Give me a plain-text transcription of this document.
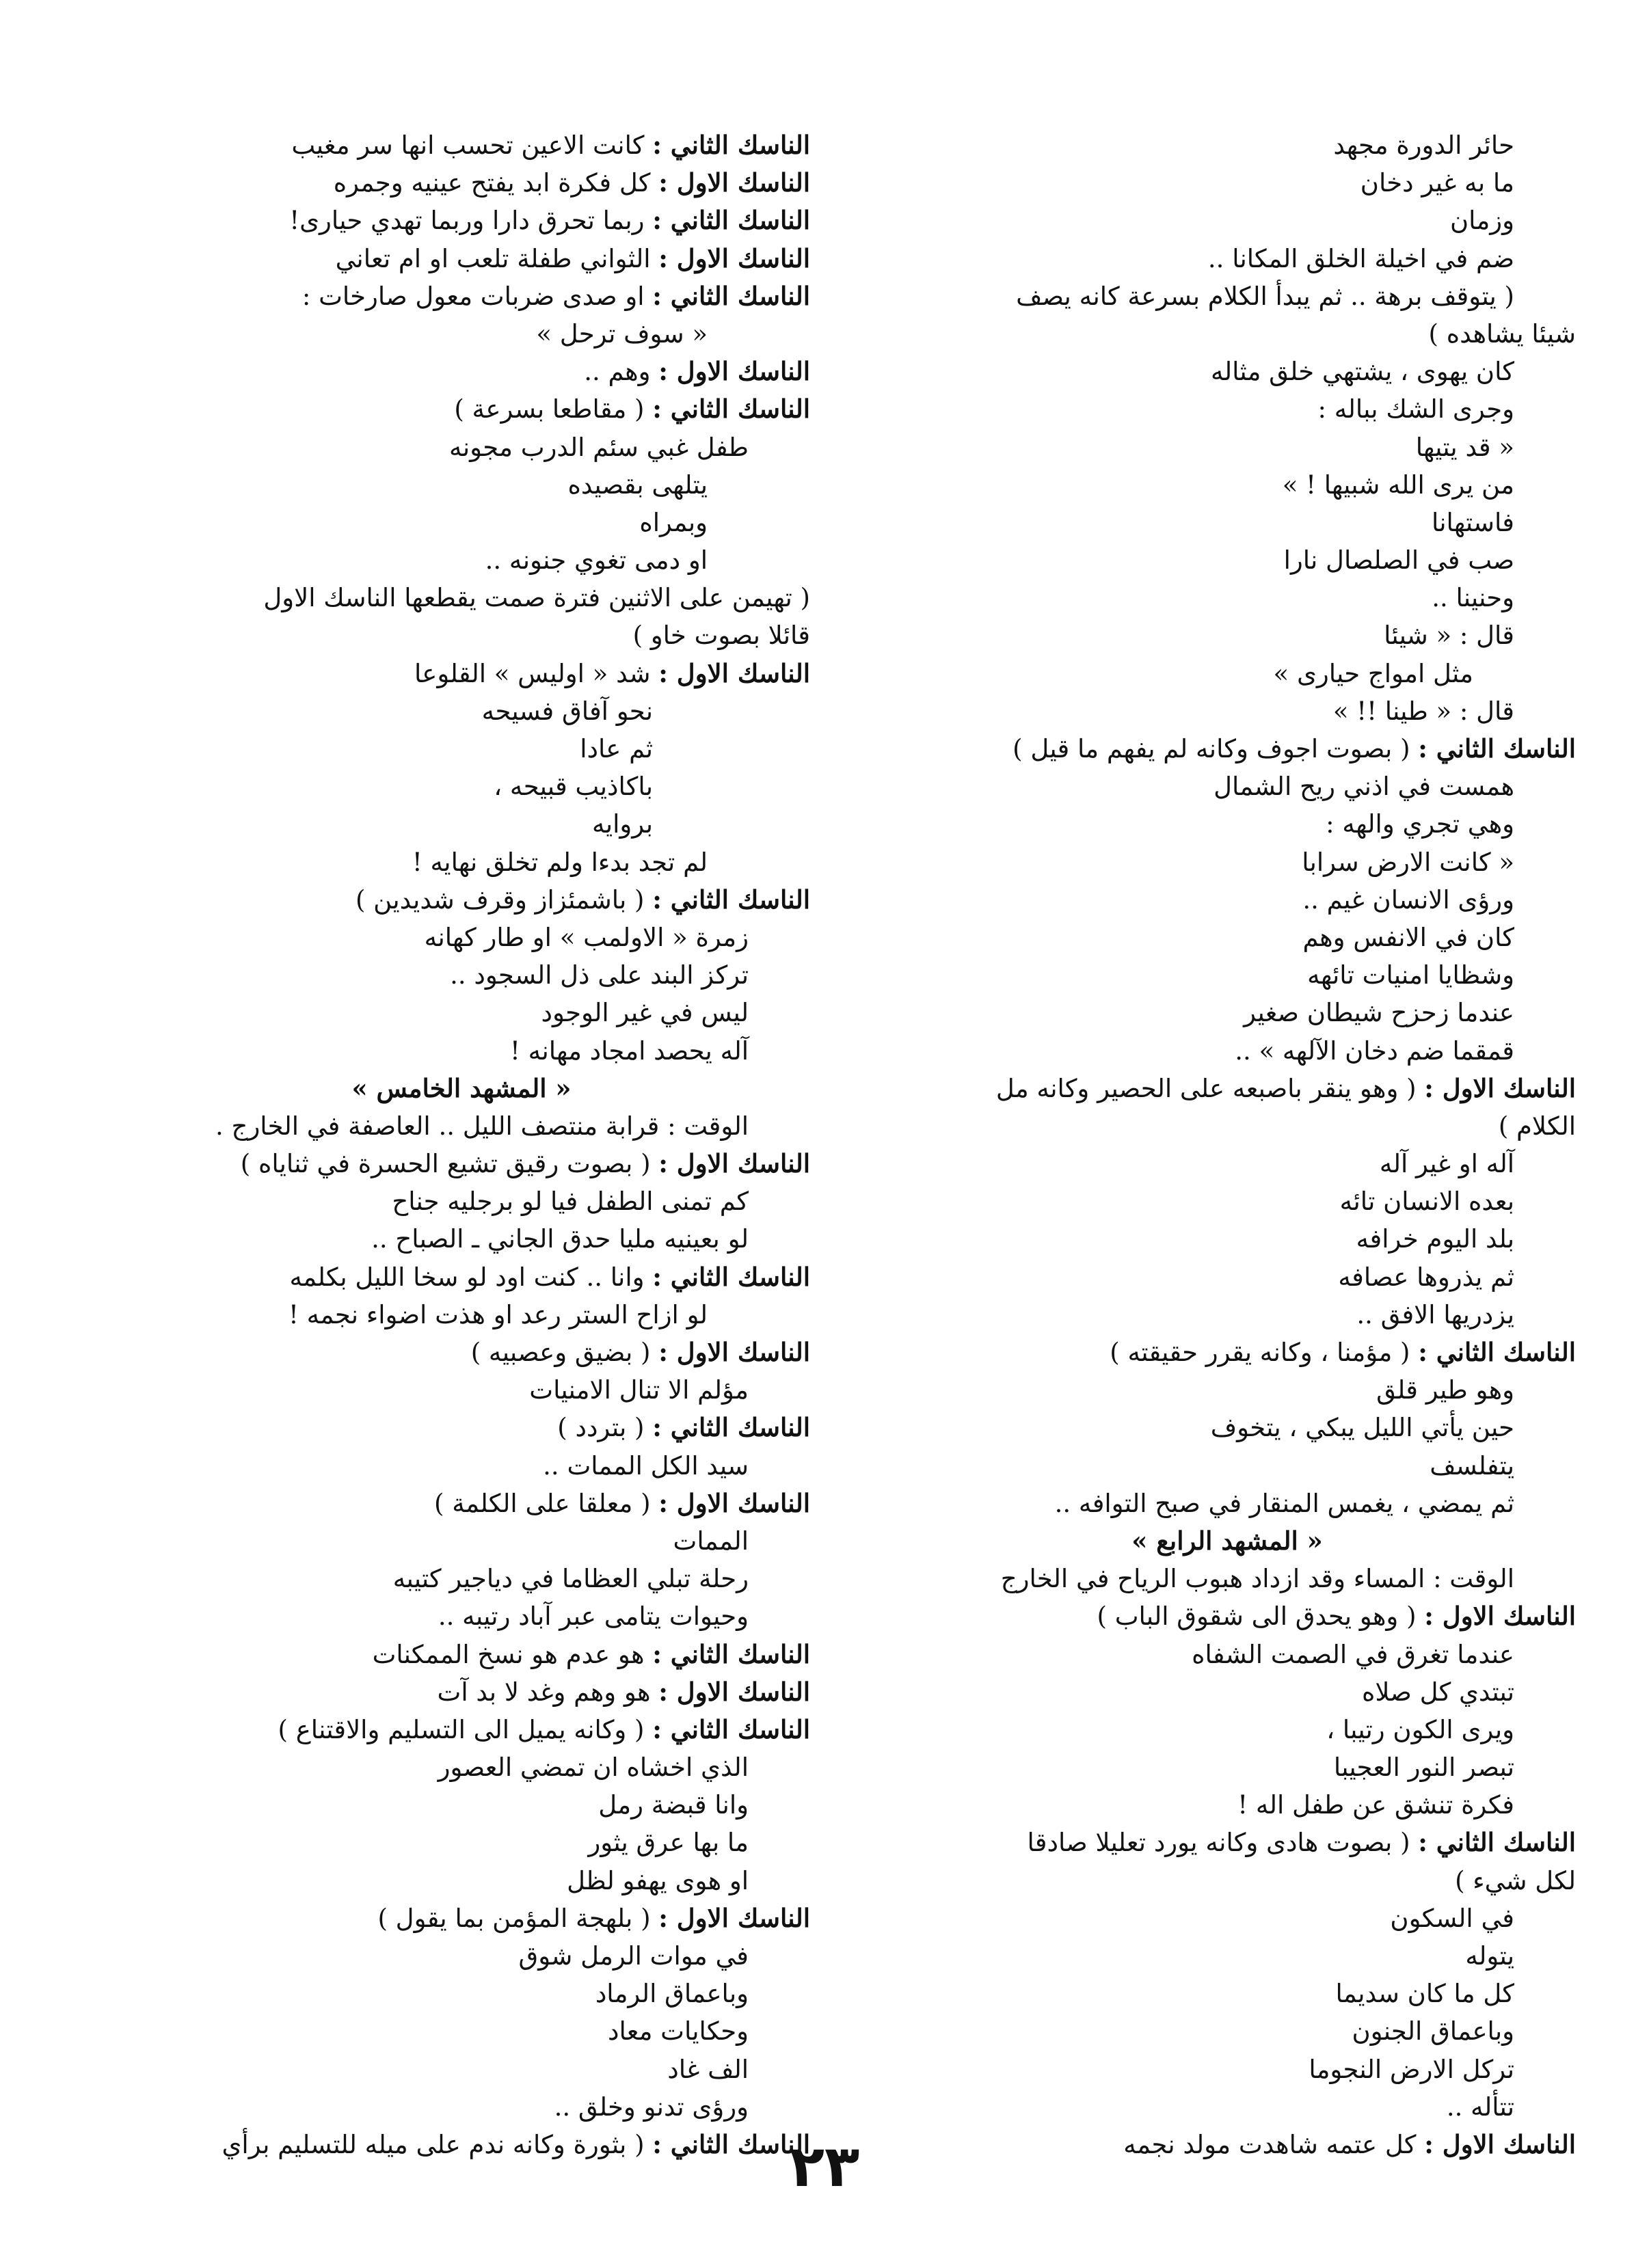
حائر الدورة مجهد
ما به غير دخان
وزمان
ضم في اخيلة الخلق المكانا ..
( يتوقف برهة .. ثم يبدأ الكلام بسرعة كانه يصف
شيئا يشاهده )
كان يهوى ، يشتهي خلق مثاله
وجرى الشك بباله :
« قد يتيها
من يرى الله شبيها ! »
فاستهانا
صب في الصلصال نارا
وحنينا ..
قال : « شيئا
مثل امواج حيارى »
قال : « طينا !! »
الناسك الثاني : ( بصوت اجوف وكانه لم يفهم ما قيل )
همست في اذني ريح الشمال
وهي تجري والهه :
« كانت الارض سرابا
ورؤى الانسان غيم ..
كان في الانفس وهم
وشظايا امنيات تائهه
عندما زحزح شيطان صغير
قمقما ضم دخان الآلهه » ..
الناسك الاول : ( وهو ينقر باصبعه على الحصير وكانه مل
الكلام )
آله او غير آله
بعده الانسان تائه
بلد اليوم خرافه
ثم يذروها عصافه
يزدريها الافق ..
الناسك الثاني : ( مؤمنا ، وكانه يقرر حقيقته )
وهو طير قلق
حين يأتي الليل يبكي ، يتخوف
يتفلسف
ثم يمضي ، يغمس المنقار في صبح التوافه ..
« المشهد الرابع »
الوقت : المساء وقد ازداد هبوب الرياح في الخارج
الناسك الاول : ( وهو يحدق الى شقوق الباب )
عندما تغرق في الصمت الشفاه
تبتدي كل صلاه
ويرى الكون رتيبا ،
تبصر النور العجيبا
فكرة تنشق عن طفل اله !
الناسك الثاني : ( بصوت هادى وكانه يورد تعليلا صادقا
لكل شيء )
في السكون
يتوله
كل ما كان سديما
وباعماق الجنون
تركل الارض النجوما
تتأله ..
الناسك الاول : كل عتمه شاهدت مولد نجمه
الناسك الثاني : كانت الاعين تحسب انها سر مغيب
الناسك الاول : كل فكرة ابد يفتح عينيه وجمره
الناسك الثاني : ربما تحرق دارا وربما تهدي حيارى!
الناسك الاول : الثواني طفلة تلعب او ام تعاني
الناسك الثاني : او صدى ضربات معول صارخات :
« سوف ترحل »
الناسك الاول : وهم ..
الناسك الثاني : ( مقاطعا بسرعة )
طفل غبي سئم الدرب مجونه
يتلهى بقصيده
وبمراه
او دمى تغوي جنونه ..
( تهيمن على الاثنين فترة صمت يقطعها الناسك الاول
قائلا بصوت خاو )
الناسك الاول : شد « اوليس » القلوعا
نحو آفاق فسيحه
ثم عادا
باكاذيب قبيحه ،
بروايه
لم تجد بدءا ولم تخلق نهايه !
الناسك الثاني : ( باشمئزاز وقرف شديدين )
زمرة « الاولمب » او طار كهانه
تركز البند على ذل السجود ..
ليس في غير الوجود
آله يحصد امجاد مهانه !
« المشهد الخامس »
الوقت : قرابة منتصف الليل .. العاصفة في الخارج .
الناسك الاول : ( بصوت رقيق تشيع الحسرة في ثناياه )
كم تمنى الطفل فيا لو برجليه جناح
لو بعينيه مليا حدق الجاني ـ الصباح ..
الناسك الثاني : وانا .. كنت اود لو سخا الليل بكلمه
لو ازاح الستر رعد او هذت اضواء نجمه !
الناسك الاول : ( بضيق وعصبيه )
مؤلم الا تنال الامنيات
الناسك الثاني : ( بتردد )
سيد الكل الممات ..
الناسك الاول : ( معلقا على الكلمة )
الممات
رحلة تبلي العظاما في دياجير كتيبه
وحيوات يتامى عبر آباد رتيبه ..
الناسك الثاني : هو عدم هو نسخ الممكنات
الناسك الاول : هو وهم وغد لا بد آت
الناسك الثاني : ( وكانه يميل الى التسليم والاقتناع )
الذي اخشاه ان تمضي العصور
وانا قبضة رمل
ما بها عرق يثور
او هوى يهفو لظل
الناسك الاول : ( بلهجة المؤمن بما يقول )
في موات الرمل شوق
وباعماق الرماد
وحكايات معاد
الف غاد
ورؤى تدنو وخلق ..
الناسك الثاني : ( بثورة وكانه ندم على ميله للتسليم برأي	٢٣
